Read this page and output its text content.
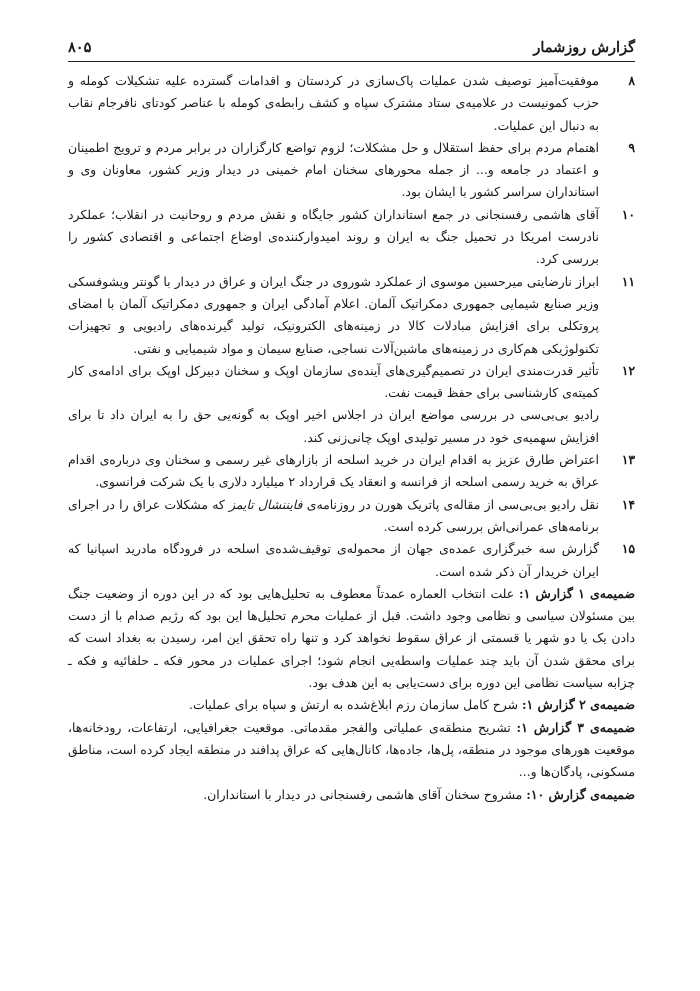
گزارش روزشمار
۸۰۵
۸
موفقیت‌آمیز توصیف شدن عملیات پاک‌سازی در کردستان و اقدامات گسترده علیه تشکیلات کومله و حزب کمونیست در علامیه‌ی ستاد مشترک سپاه و کشف رابطه‌ی کومله با عناصر کودتای نافرجام نقاب به دنبال این عملیات.
۹
اهتمام مردم برای حفظ استقلال و حل مشکلات؛ لزوم تواضع کارگزاران در برابر مردم و ترویج اطمینان و اعتماد در جامعه و... از جمله محورهای سخنان امام خمینی در دیدار وزیر کشور، معاونان وی و استانداران سراسر کشور با ایشان بود.
۱۰
آقای هاشمی رفسنجانی در جمع استانداران کشور جایگاه و نقش مردم و روحانیت در انقلاب؛ عملکرد نادرست امریکا در تحمیل جنگ به ایران و روند امیدوارکننده‌ی اوضاع اجتماعی و اقتصادی کشور را بررسی کرد.
۱۱
ابراز نارضایتی میرحسین موسوی از عملکرد شوروی در جنگ ایران و عراق در دیدار با گونتر ویشوفسکی وزیر صنایع شیمایی جمهوری دمکراتیک آلمان. اعلام آمادگی ایران و جمهوری دمکراتیک آلمان با امضای پروتکلی برای افزایش مبادلات کالا در زمینه‌های الکترونیک، تولید گیرنده‌های رادیویی و تجهیزات تکنولوژیکی هم‌کاری در زمینه‌های ماشین‌آلات نساجی، صنایع سیمان و مواد شیمیایی و نفتی.
۱۲
تأثیر قدرت‌مندی ایران در تصمیم‌گیری‌های آینده‌ی سازمان اوپک و سخنان دبیرکل اوپک برای ادامه‌ی کار کمیته‌ی کارشناسی برای حفظ قیمت نفت.
رادیو بی‌بی‌سی در بررسی مواضع ایران در اجلاس اخیر اوپک به گونه‌یی حق را به ایران داد تا برای افزایش سهمیه‌ی خود در مسیر تولیدی اوپک چانی‌زنی کند.
۱۳
اعتراض طارق عزیز به اقدام ایران در خرید اسلحه از بازارهای غیر رسمی و سخنان وی درباره‌ی اقدام عراق به خرید رسمی اسلحه از فرانسه و انعقاد یک قرارداد ۲ میلیارد دلاری با یک شرکت فرانسوی.
۱۴
نقل رادیو بی‌بی‌سی از مقاله‌ی پاتریک هورن در روزنامه‌ی فایننشال تایمز که مشکلات عراق را در اجرای برنامه‌های عمرانی‌اش بررسی کرده است.
۱۵
گزارش سه خبرگزاری عمده‌ی جهان از محموله‌ی توقیف‌شده‌ی اسلحه در فرودگاه مادرید اسپانیا که ایران خریدار آن ذکر شده است.
ضمیمه‌ی ۱ گزارش ۱: علت انتخاب العماره عمدتاً معطوف به تحلیل‌هایی بود که در این دوره از وضعیت جنگ بین مسئولان سیاسی و نظامی وجود داشت. قبل از عملیات محرم تحلیل‌ها این بود که رژیم صدام با از دست دادن یک یا دو شهر یا قسمتی از عراق سقوط نخواهد کرد و تنها راه تحقق این امر، رسیدن به بغداد است که برای محقق شدن آن باید چند عملیات واسطه‌یی انجام شود؛ اجرای عملیات در محور فکه ـ حلفائیه و فکه ـ چزابه سیاست نظامی این دوره برای دست‌یابی به این هدف بود.
ضمیمه‌ی ۲ گزارش ۱: شرح کامل سازمان رزم ابلاغ‌شده به ارتش و سپاه برای عملیات.
ضمیمه‌ی ۳ گزارش ۱: تشریح منطقه‌ی عملیاتی والفجر مقدماتی. موقعیت جغرافیایی، ارتفاعات، رودخانه‌ها، موقعیت هورهای موجود در منطقه، پل‌ها، جاده‌ها، کانال‌هایی که عراق پدافند در منطقه ایجاد کرده است، مناطق مسکونی، پادگان‌ها و...
ضمیمه‌ی گزارش ۱۰: مشروح سخنان آقای هاشمی رفسنجانی در دیدار با استانداران.
